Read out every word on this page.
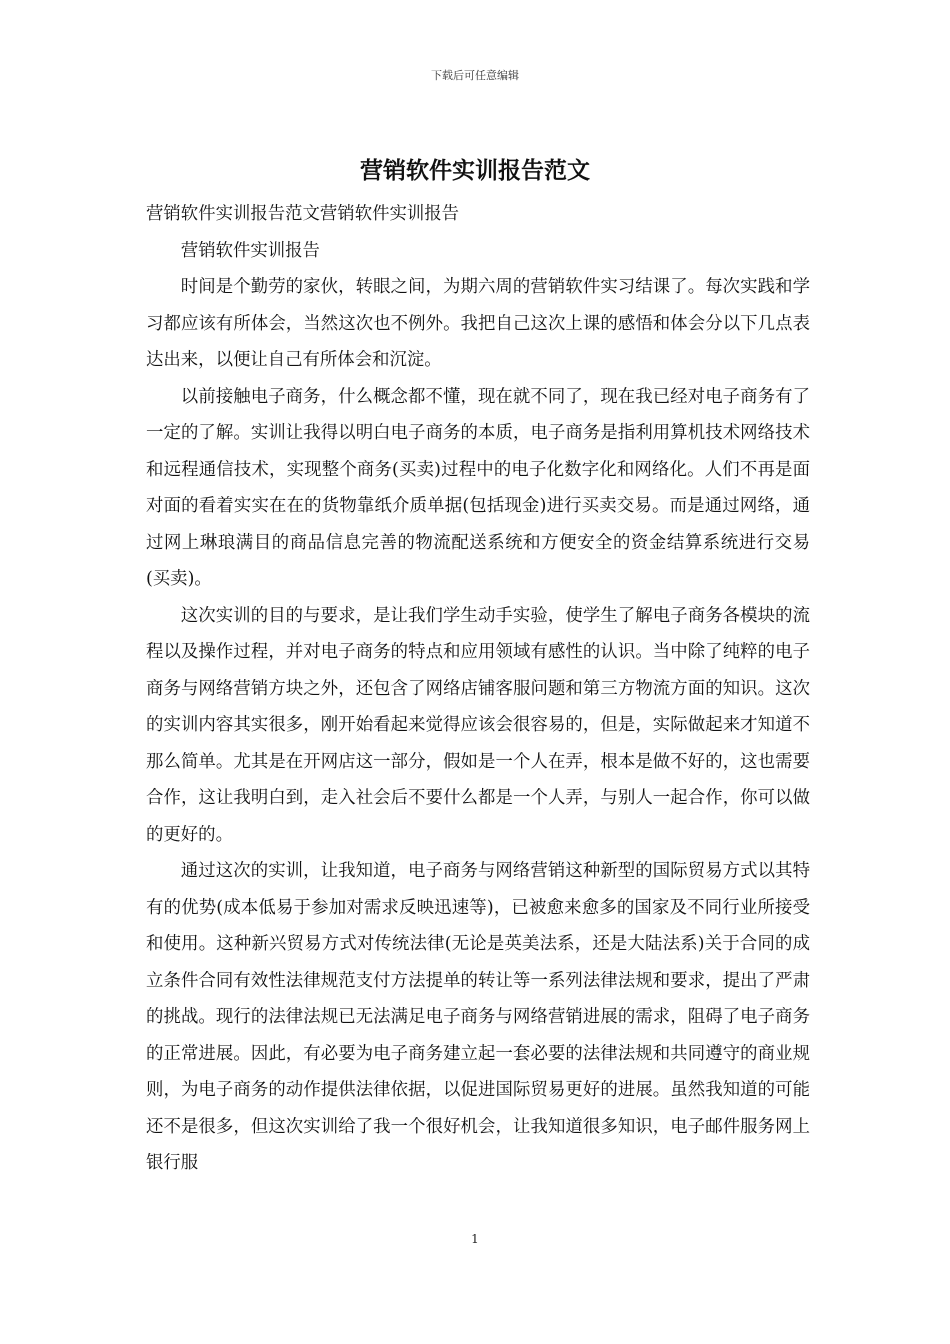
下载后可任意编辑
营销软件实训报告范文

营销软件实训报告范文营销软件实训报告

营销软件实训报告

时间是个勤劳的家伙，转眼之间，为期六周的营销软件实习结课了。每次实践和学习都应该有所体会，当然这次也不例外。我把自己这次上课的感悟和体会分以下几点表达出来，以便让自己有所体会和沉淀。

以前接触电子商务，什么概念都不懂，现在就不同了，现在我已经对电子商务有了一定的了解。实训让我得以明白电子商务的本质，电子商务是指利用算机技术网络技术和远程通信技术，实现整个商务(买卖)过程中的电子化数字化和网络化。人们不再是面对面的看着实实在在的货物靠纸介质单据(包括现金)进行买卖交易。而是通过网络，通过网上琳琅满目的商品信息完善的物流配送系统和方便安全的资金结算系统进行交易(买卖)。

这次实训的目的与要求，是让我们学生动手实验，使学生了解电子商务各模块的流程以及操作过程，并对电子商务的特点和应用领域有感性的认识。当中除了纯粹的电子商务与网络营销方块之外，还包含了网络店铺客服问题和第三方物流方面的知识。这次的实训内容其实很多，刚开始看起来觉得应该会很容易的，但是，实际做起来才知道不那么简单。尤其是在开网店这一部分，假如是一个人在弄，根本是做不好的，这也需要合作，这让我明白到，走入社会后不要什么都是一个人弄，与别人一起合作，你可以做的更好的。

通过这次的实训，让我知道，电子商务与网络营销这种新型的国际贸易方式以其特有的优势(成本低易于参加对需求反映迅速等)，已被愈来愈多的国家及不同行业所接受和使用。这种新兴贸易方式对传统法律(无论是英美法系，还是大陆法系)关于合同的成立条件合同有效性法律规范支付方法提单的转让等一系列法律法规和要求，提出了严肃的挑战。现行的法律法规已无法满足电子商务与网络营销进展的需求，阻碍了电子商务的正常进展。因此，有必要为电子商务建立起一套必要的法律法规和共同遵守的商业规则，为电子商务的动作提供法律依据，以促进国际贸易更好的进展。虽然我知道的可能还不是很多，但这次实训给了我一个很好机会，让我知道很多知识，电子邮件服务网上银行服

1
